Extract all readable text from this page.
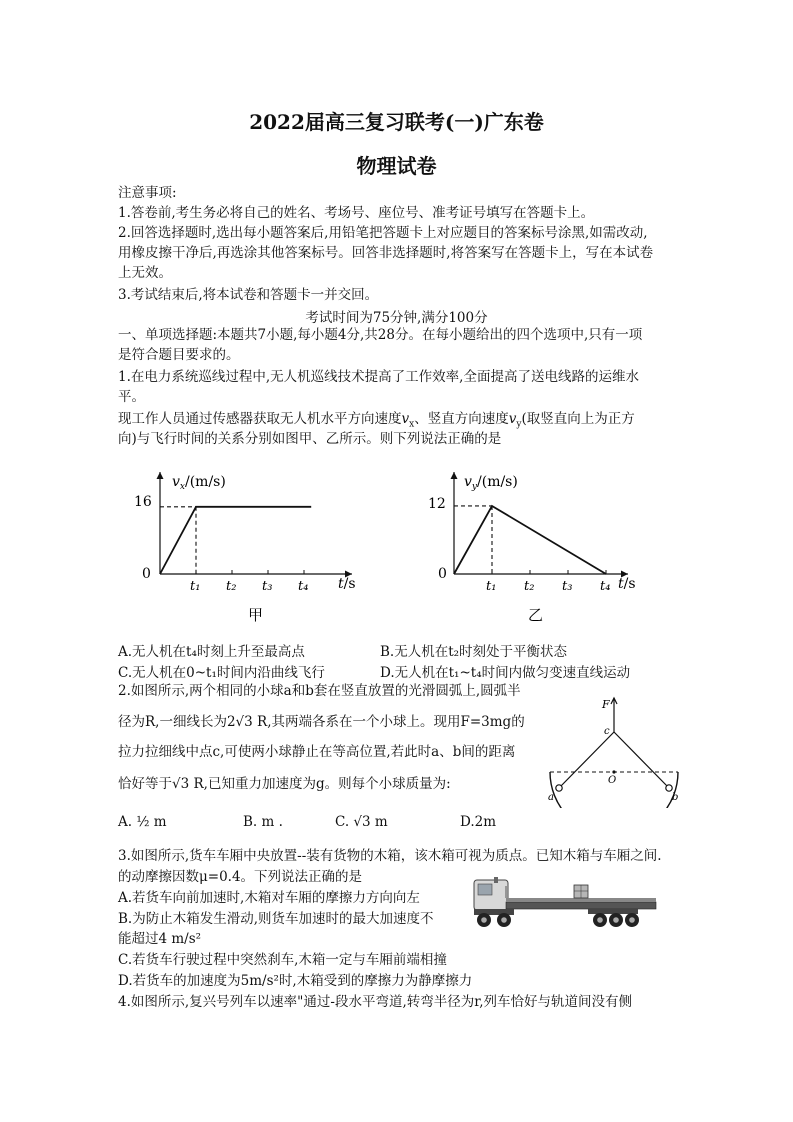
2022届高三复习联考(一)广东卷
物理试卷
注意事项:
1.答卷前,考生务必将自己的姓名、考场号、座位号、准考证号填写在答题卡上。
2.回答选择题时,选出每小题答案后,用铅笔把答题卡上对应题目的答案标号涂黑,如需改动,
用橡皮擦干净后,再选涂其他答案标号。回答非选择题时,将答案写在答题卡上，写在本试卷
上无效。
3.考试结束后,将本试卷和答题卡一并交回。
考试时间为75分钟,满分100分
一、单项选择题:本题共7小题,每小题4分,共28分。在每小题给出的四个选项中,只有一项
是符合题目要求的。
1.在电力系统巡线过程中,无人机巡线技术提高了工作效率,全面提高了送电线路的运维水
平。
现工作人员通过传感器获取无人机水平方向速度$v_x$、竖直方向速度$v_y$(取竖直向上为正方
向)与飞行时间的关系分别如图甲、乙所示。则下列说法正确的是
$v_x/(m/s)$
16
0
t₁ t₂ t₃ t₄ t/s
甲
$v_y/(m/s)$
12
0
t₁ t₂ t₃ t₄ t/s
乙
A.无人机在t₄时刻上升至最高点	B.无人机在t₂时刻处于平衡状态
C.无人机在0~t₁时间内沿曲线飞行	D.无人机在t₁~t₄时间内做匀变速直线运动
2.如图所示,两个相同的小球a和b套在竖直放置的光滑圆弧上,圆弧半
径为R,一细线长为2√3 R,其两端各系在一个小球上。现用F=3mg的
拉力拉细线中点c,可使两小球静止在等高位置,若此时a、b间的距离
恰好等于√3 R,已知重力加速度为g。则每个小球质量为:
F
c
O
a	b
A. ½ m	B. m .	C. √3 m	D.2m
3.如图所示,货车车厢中央放置--装有货物的木箱，该木箱可视为质点。已知木箱与车厢之间.
的动摩擦因数μ=0.4。下列说法正确的是
A.若货车向前加速时,木箱对车厢的摩擦力方向向左
B.为防止木箱发生滑动,则货车加速时的最大加速度不
能超过4 m/s²
C.若货车行驶过程中突然刹车,木箱一定与车厢前端相撞
D.若货车的加速度为5m/s²时,木箱受到的摩擦力为静摩擦力
4.如图所示,复兴号列车以速率"通过-段水平弯道,转弯半径为r,列车恰好与轨道间没有侧
